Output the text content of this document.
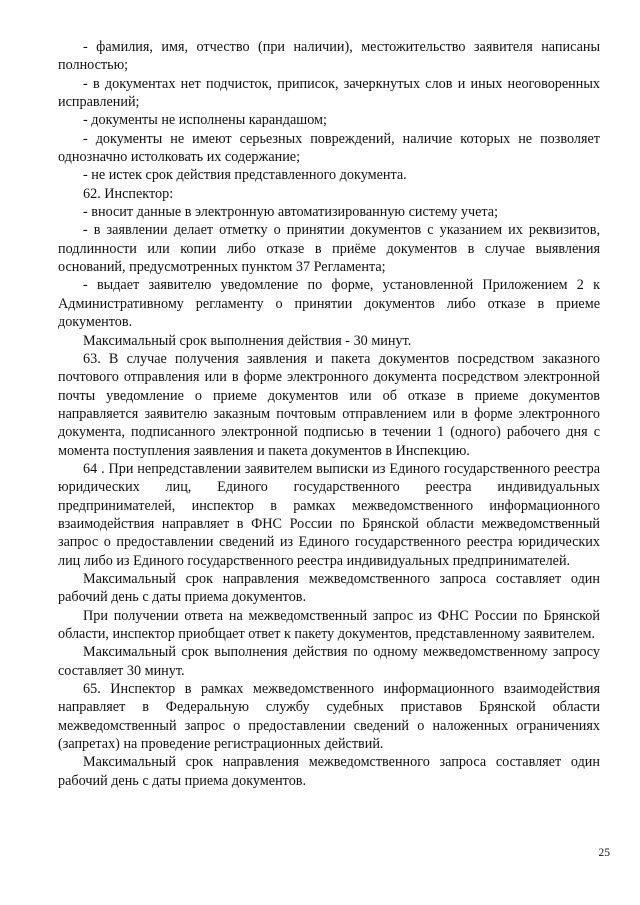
- фамилия, имя, отчество (при наличии), местожительство заявителя написаны полностью;

- в документах нет подчисток, приписок, зачеркнутых слов и иных неоговоренных исправлений;

- документы не исполнены карандашом;

- документы не имеют серьезных повреждений, наличие которых не позволяет однозначно истолковать их содержание;

- не истек срок действия представленного документа.

62. Инспектор:

- вносит данные в электронную автоматизированную систему учета;

- в заявлении делает отметку о принятии документов с указанием их реквизитов, подлинности или копии либо отказе в приёме документов в случае выявления оснований, предусмотренных пунктом 37 Регламента;

- выдает заявителю уведомление по форме, установленной Приложением 2 к Административному регламенту о принятии документов либо отказе в приеме документов.

Максимальный срок выполнения действия - 30 минут.

63. В случае получения заявления и пакета документов посредством заказного почтового отправления или в форме электронного документа посредством электронной почты уведомление о приеме документов или об отказе в приеме документов направляется заявителю заказным почтовым отправлением или в форме электронного документа, подписанного электронной подписью в течении 1 (одного) рабочего дня с момента поступления заявления и пакета документов в Инспекцию.

64 . При непредставлении заявителем выписки из Единого государственного реестра юридических лиц, Единого государственного реестра индивидуальных предпринимателей, инспектор в рамках межведомственного информационного взаимодействия направляет в ФНС России по Брянской области межведомственный запрос о предоставлении сведений из Единого государственного реестра юридических лиц либо из Единого государственного реестра индивидуальных предпринимателей.

Максимальный срок направления межведомственного запроса составляет один рабочий день с даты приема документов.

При получении ответа на межведомственный запрос из ФНС России по Брянской области, инспектор приобщает ответ к пакету документов, представленному заявителем.

Максимальный срок выполнения действия по одному межведомственному запросу составляет 30 минут.

65. Инспектор в рамках межведомственного информационного взаимодействия направляет в Федеральную службу судебных приставов Брянской области межведомственный запрос о предоставлении сведений о наложенных ограничениях (запретах) на проведение регистрационных действий.

Максимальный срок направления межведомственного запроса составляет один рабочий день с даты приема документов.

25
